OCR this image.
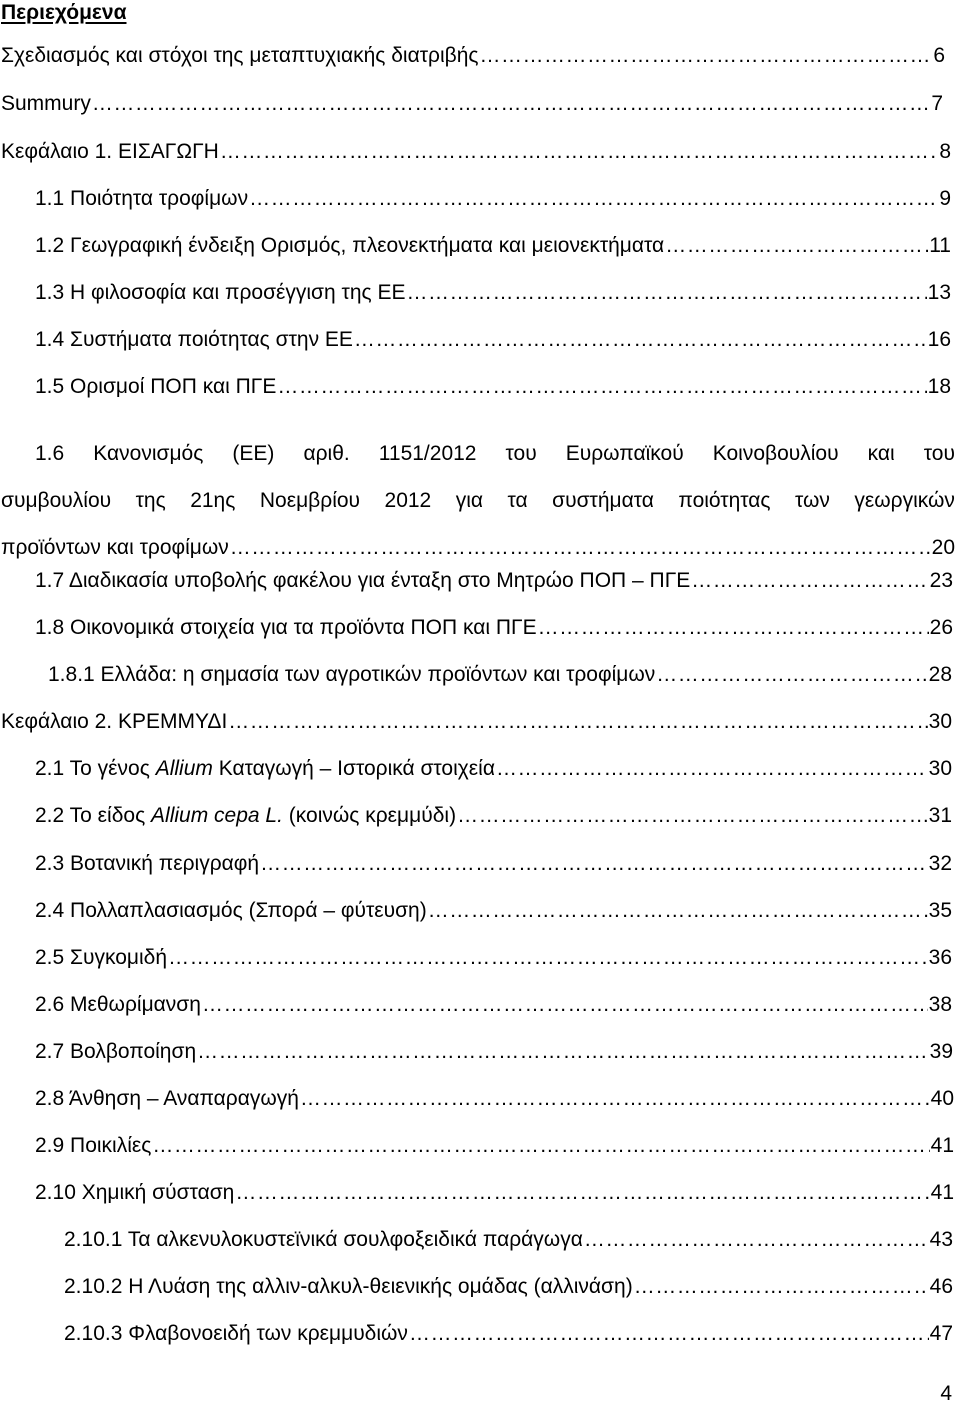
Περιεχόμενα
Σχεδιασμός και στόχοι της μεταπτυχιακής διατριβής ………………………………………………………………………………………………………………………………………………………………………………………………………………………………………………	6
Summury ………………………………………………………………………………………………………………………………………………………………………………………………………………………………………………	7
Κεφάλαιο 1. ΕΙΣΑΓΩΓΗ ………………………………………………………………………………………………………………………………………………………………………………………………………………………………………………	8
1.1 Ποιότητα τροφίμων ………………………………………………………………………………………………………………………………………………………………………………………………………………………………………………	9
1.2 Γεωγραφική ένδειξη Ορισμός, πλεονεκτήματα και μειονεκτήματα ………………………………………………………………………………………………………………………………………………………………………………………………………………………………………………	11
1.3 Η φιλοσοφία και προσέγγιση της ΕΕ ………………………………………………………………………………………………………………………………………………………………………………………………………………………………………………	13
1.4 Συστήματα ποιότητας στην ΕΕ ………………………………………………………………………………………………………………………………………………………………………………………………………………………………………………	16
1.5 Ορισμοί ΠΟΠ και ΠΓΕ ………………………………………………………………………………………………………………………………………………………………………………………………………………………………………………	18
1.6 Κανονισμός (ΕΕ) αριθ. 1151/2012 του Ευρωπαϊκού Κοινοβουλίου και του
συμβουλίου της 21ης Νοεμβρίου 2012 για τα συστήματα ποιότητας των γεωργικών
προϊόντων και τροφίμων ………………………………………………………………………………………………………………………………………………………………………………………	20
1.7 Διαδικασία υποβολής φακέλου για ένταξη στο Μητρώο ΠΟΠ – ΠΓΕ ………………………………………………………………………………………………………………………………………………………………………………………………………………………………………………	23
1.8 Οικονομικά στοιχεία για τα προϊόντα ΠΟΠ και ΠΓΕ ………………………………………………………………………………………………………………………………………………………………………………………………………………………………………………	26
1.8.1 Ελλάδα: η σημασία των αγροτικών προϊόντων και τροφίμων ………………………………………………………………………………………………………………………………………………………………………………………………………………………………………………	28
Κεφάλαιο 2. ΚΡΕΜΜΥΔΙ ………………………………………………………………………………………………………………………………………………………………………………………………………………………………………………	30
2.1 Το γένος Allium Καταγωγή – Ιστορικά στοιχεία ………………………………………………………………………………………………………………………………………………………………………………………………………………………………………………	30
2.2 Το είδος Allium cepa L. (κοινώς κρεμμύδι) ………………………………………………………………………………………………………………………………………………………………………………………………………………………………………………	31
2.3 Βοτανική περιγραφή ………………………………………………………………………………………………………………………………………………………………………………………………………………………………………………	32
2.4 Πολλαπλασιασμός (Σπορά – φύτευση) ………………………………………………………………………………………………………………………………………………………………………………………………………………………………………………	35
2.5 Συγκομιδή ………………………………………………………………………………………………………………………………………………………………………………………………………………………………………………	36
2.6 Μεθωρίμανση ………………………………………………………………………………………………………………………………………………………………………………………………………………………………………………	38
2.7 Βολβοποίηση ………………………………………………………………………………………………………………………………………………………………………………………………………………………………………………	39
2.8 Άνθηση – Αναπαραγωγή ………………………………………………………………………………………………………………………………………………………………………………………………………………………………………………	40
2.9 Ποικιλίες ………………………………………………………………………………………………………………………………………………………………………………………………………………………………………………	41
2.10 Χημική σύσταση ………………………………………………………………………………………………………………………………………………………………………………………………………………………………………………	41
2.10.1 Τα αλκενυλοκυστεϊνικά σουλφοξειδικά παράγωγα ………………………………………………………………………………………………………………………………………………………………………………………………………………………………………………	43
2.10.2 Η Λυάση της αλλιν-αλκυλ-θειενικής ομάδας (αλλινάση) ………………………………………………………………………………………………………………………………………………………………………………………………………………………………………………	46
2.10.3 Φλαβονοειδή των κρεμμυδιών ………………………………………………………………………………………………………………………………………………………………………………………………………………………………………………	47
4
